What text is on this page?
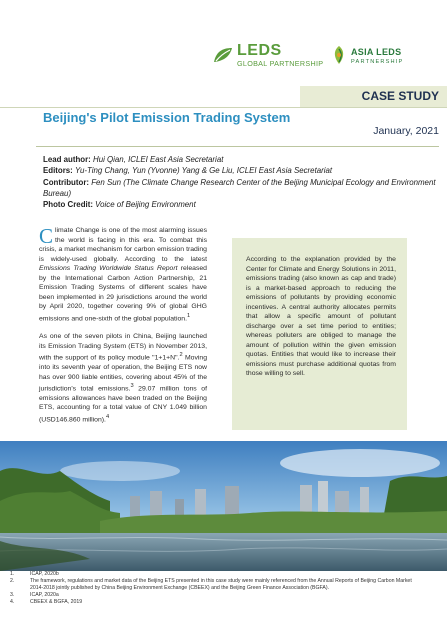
LEDS
GLOBAL PARTNERSHIP
ASIA LEDS
PARTNERSHIP
CASE STUDY
Beijing's Pilot Emission Trading System
January, 2021

Lead author: Hui Qian, ICLEI East Asia Secretariat

Editors: Yu-Ting Chang, Yun (Yvonne) Yang & Ge Liu, ICLEI East Asia Secretariat

Contributor: Fen Sun (The Climate Change Research Center of the Beijing Municipal Ecology and Environment Bureau)

Photo Credit: Voice of Beijing Environment

Climate Change is one of the most alarming issues the world is facing in this era. To combat this crisis, a market mechanism for carbon emission trading is widely-used globally. According to the latest Emissions Trading Worldwide Status Report released by the International Carbon Action Partnership, 21 Emission Trading Systems of different scales have been implemented in 29 jurisdictions around the world by April 2020, together covering 9% of global GHG emissions and one-sixth of the global population.$^1$

As one of the seven pilots in China, Beijing launched its Emission Trading System (ETS) in November 2013, with the support of its policy module "1+1+N".$^2$ Moving into its seventh year of operation, the Beijing ETS now has over 900 liable entities, covering about 45% of the jurisdiction's total emissions.$^3$ 29.07 million tons of emissions allowances have been traded on the Beijing ETS, accounting for a total value of CNY 1.049 billion (USD146.860 million).$^4$

According to the explanation provided by the Center for Climate and Energy Solutions in 2011, emissions trading (also known as cap and trade) is a market-based approach to reducing the emissions of pollutants by providing economic incentives. A central authority allocates permits that allow a specific amount of pollutant discharge over a set time period to entities; whereas polluters are obliged to manage the amount of pollution within the given emission quotas. Entities that would like to increase their emissions must purchase additional quotas from those willing to sell.
1.	ICAP, 2020b
2.	The framework, regulations and market data of the Beijing ETS presented in this case study were mainly referenced from the Annual Reports of Beijing Carbon Market 2014-2018 jointly published by China Beijing Environment Exchange (CBEEX) and the Beijing Green Finance Association (BGFA).
3.	ICAP, 2020a
4.	CBEEX & BGFA, 2019
